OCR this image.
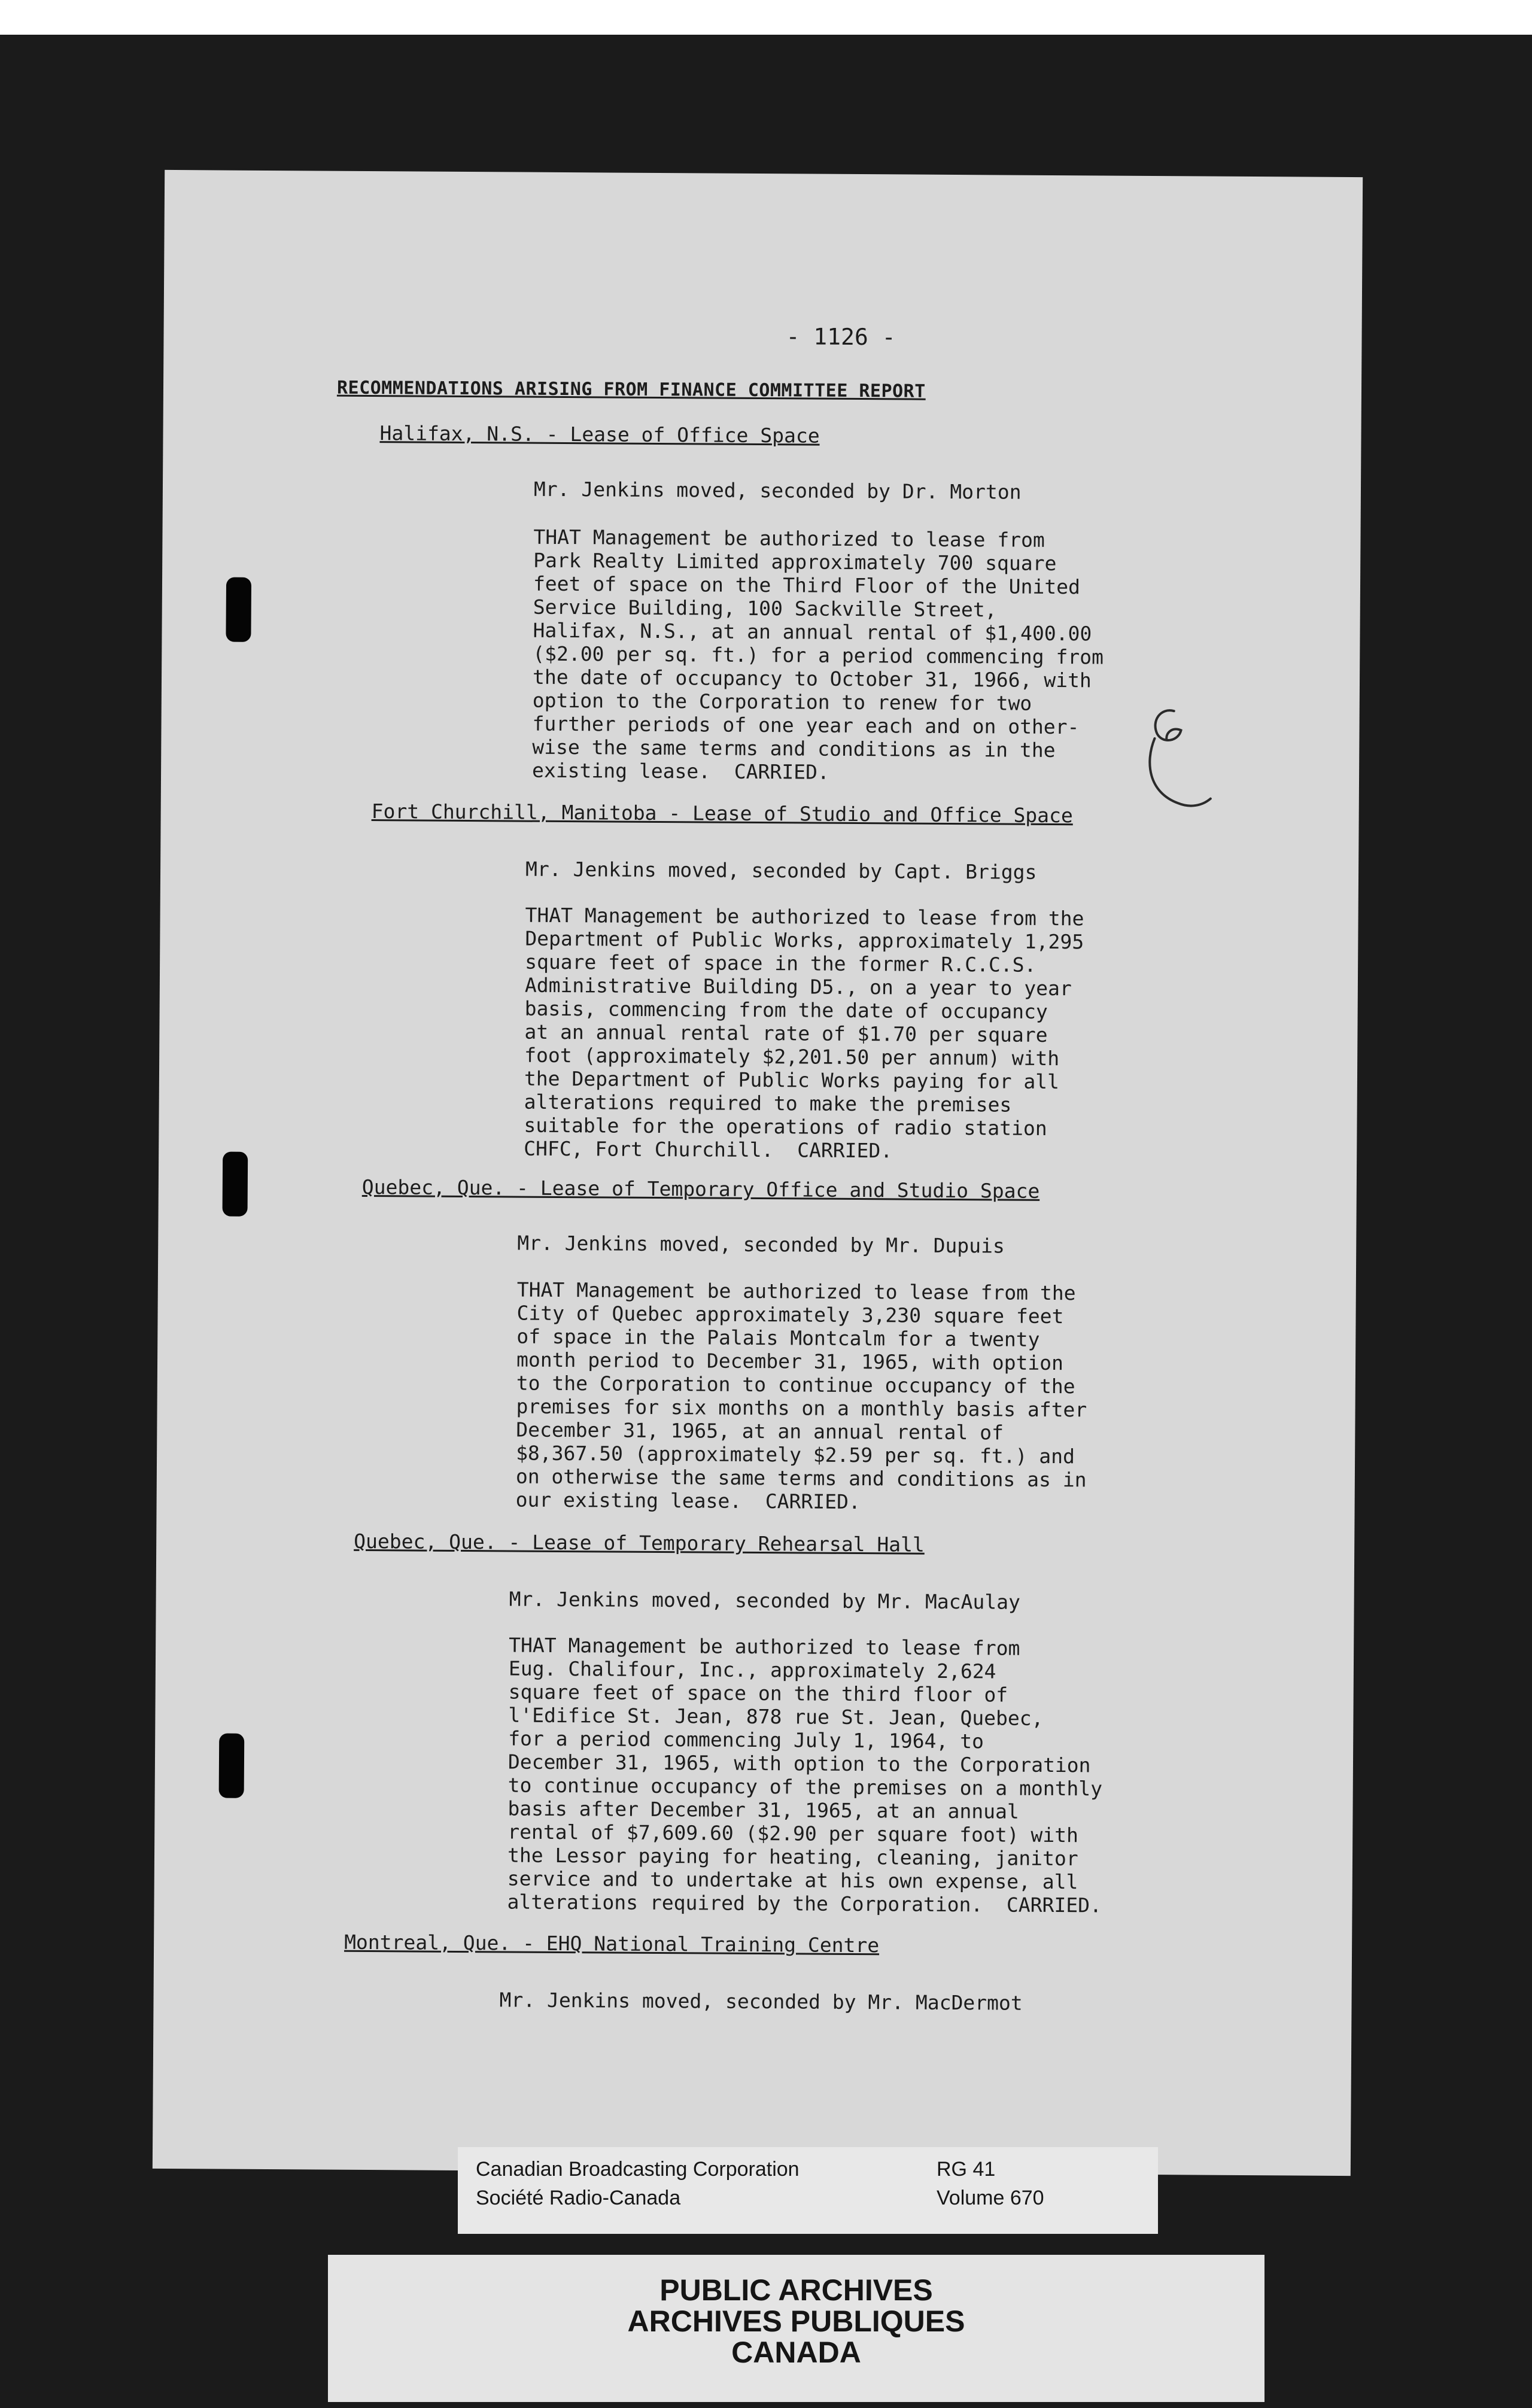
- 1126 -
RECOMMENDATIONS ARISING FROM FINANCE COMMITTEE REPORT
Halifax, N.S. - Lease of Office Space
Mr. Jenkins moved, seconded by Dr. Morton
THAT Management be authorized to lease from
Park Realty Limited approximately 700 square
feet of space on the Third Floor of the United
Service Building, 100 Sackville Street,
Halifax, N.S., at an annual rental of $1,400.00
($2.00 per sq. ft.) for a period commencing from
the date of occupancy to October 31, 1966, with
option to the Corporation to renew for two
further periods of one year each and on other-
wise the same terms and conditions as in the
existing lease.  CARRIED.
Fort Churchill, Manitoba - Lease of Studio and Office Space
Mr. Jenkins moved, seconded by Capt. Briggs
THAT Management be authorized to lease from the
Department of Public Works, approximately 1,295
square feet of space in the former R.C.C.S.
Administrative Building D5., on a year to year
basis, commencing from the date of occupancy
at an annual rental rate of $1.70 per square
foot (approximately $2,201.50 per annum) with
the Department of Public Works paying for all
alterations required to make the premises
suitable for the operations of radio station
CHFC, Fort Churchill.  CARRIED.
Quebec, Que. - Lease of Temporary Office and Studio Space
Mr. Jenkins moved, seconded by Mr. Dupuis
THAT Management be authorized to lease from the
City of Quebec approximately 3,230 square feet
of space in the Palais Montcalm for a twenty
month period to December 31, 1965, with option
to the Corporation to continue occupancy of the
premises for six months on a monthly basis after
December 31, 1965, at an annual rental of
$8,367.50 (approximately $2.59 per sq. ft.) and
on otherwise the same terms and conditions as in
our existing lease.  CARRIED.
Quebec, Que. - Lease of Temporary Rehearsal Hall
Mr. Jenkins moved, seconded by Mr. MacAulay
THAT Management be authorized to lease from
Eug. Chalifour, Inc., approximately 2,624
square feet of space on the third floor of
l'Edifice St. Jean, 878 rue St. Jean, Quebec,
for a period commencing July 1, 1964, to
December 31, 1965, with option to the Corporation
to continue occupancy of the premises on a monthly
basis after December 31, 1965, at an annual
rental of $7,609.60 ($2.90 per square foot) with
the Lessor paying for heating, cleaning, janitor
service and to undertake at his own expense, all
alterations required by the Corporation.  CARRIED.
Montreal, Que. - EHQ National Training Centre
Mr. Jenkins moved, seconded by Mr. MacDermot
Canadian Broadcasting Corporation
Société Radio-Canada
RG 41
Volume 670
PUBLIC ARCHIVES
ARCHIVES PUBLIQUES
CANADA
